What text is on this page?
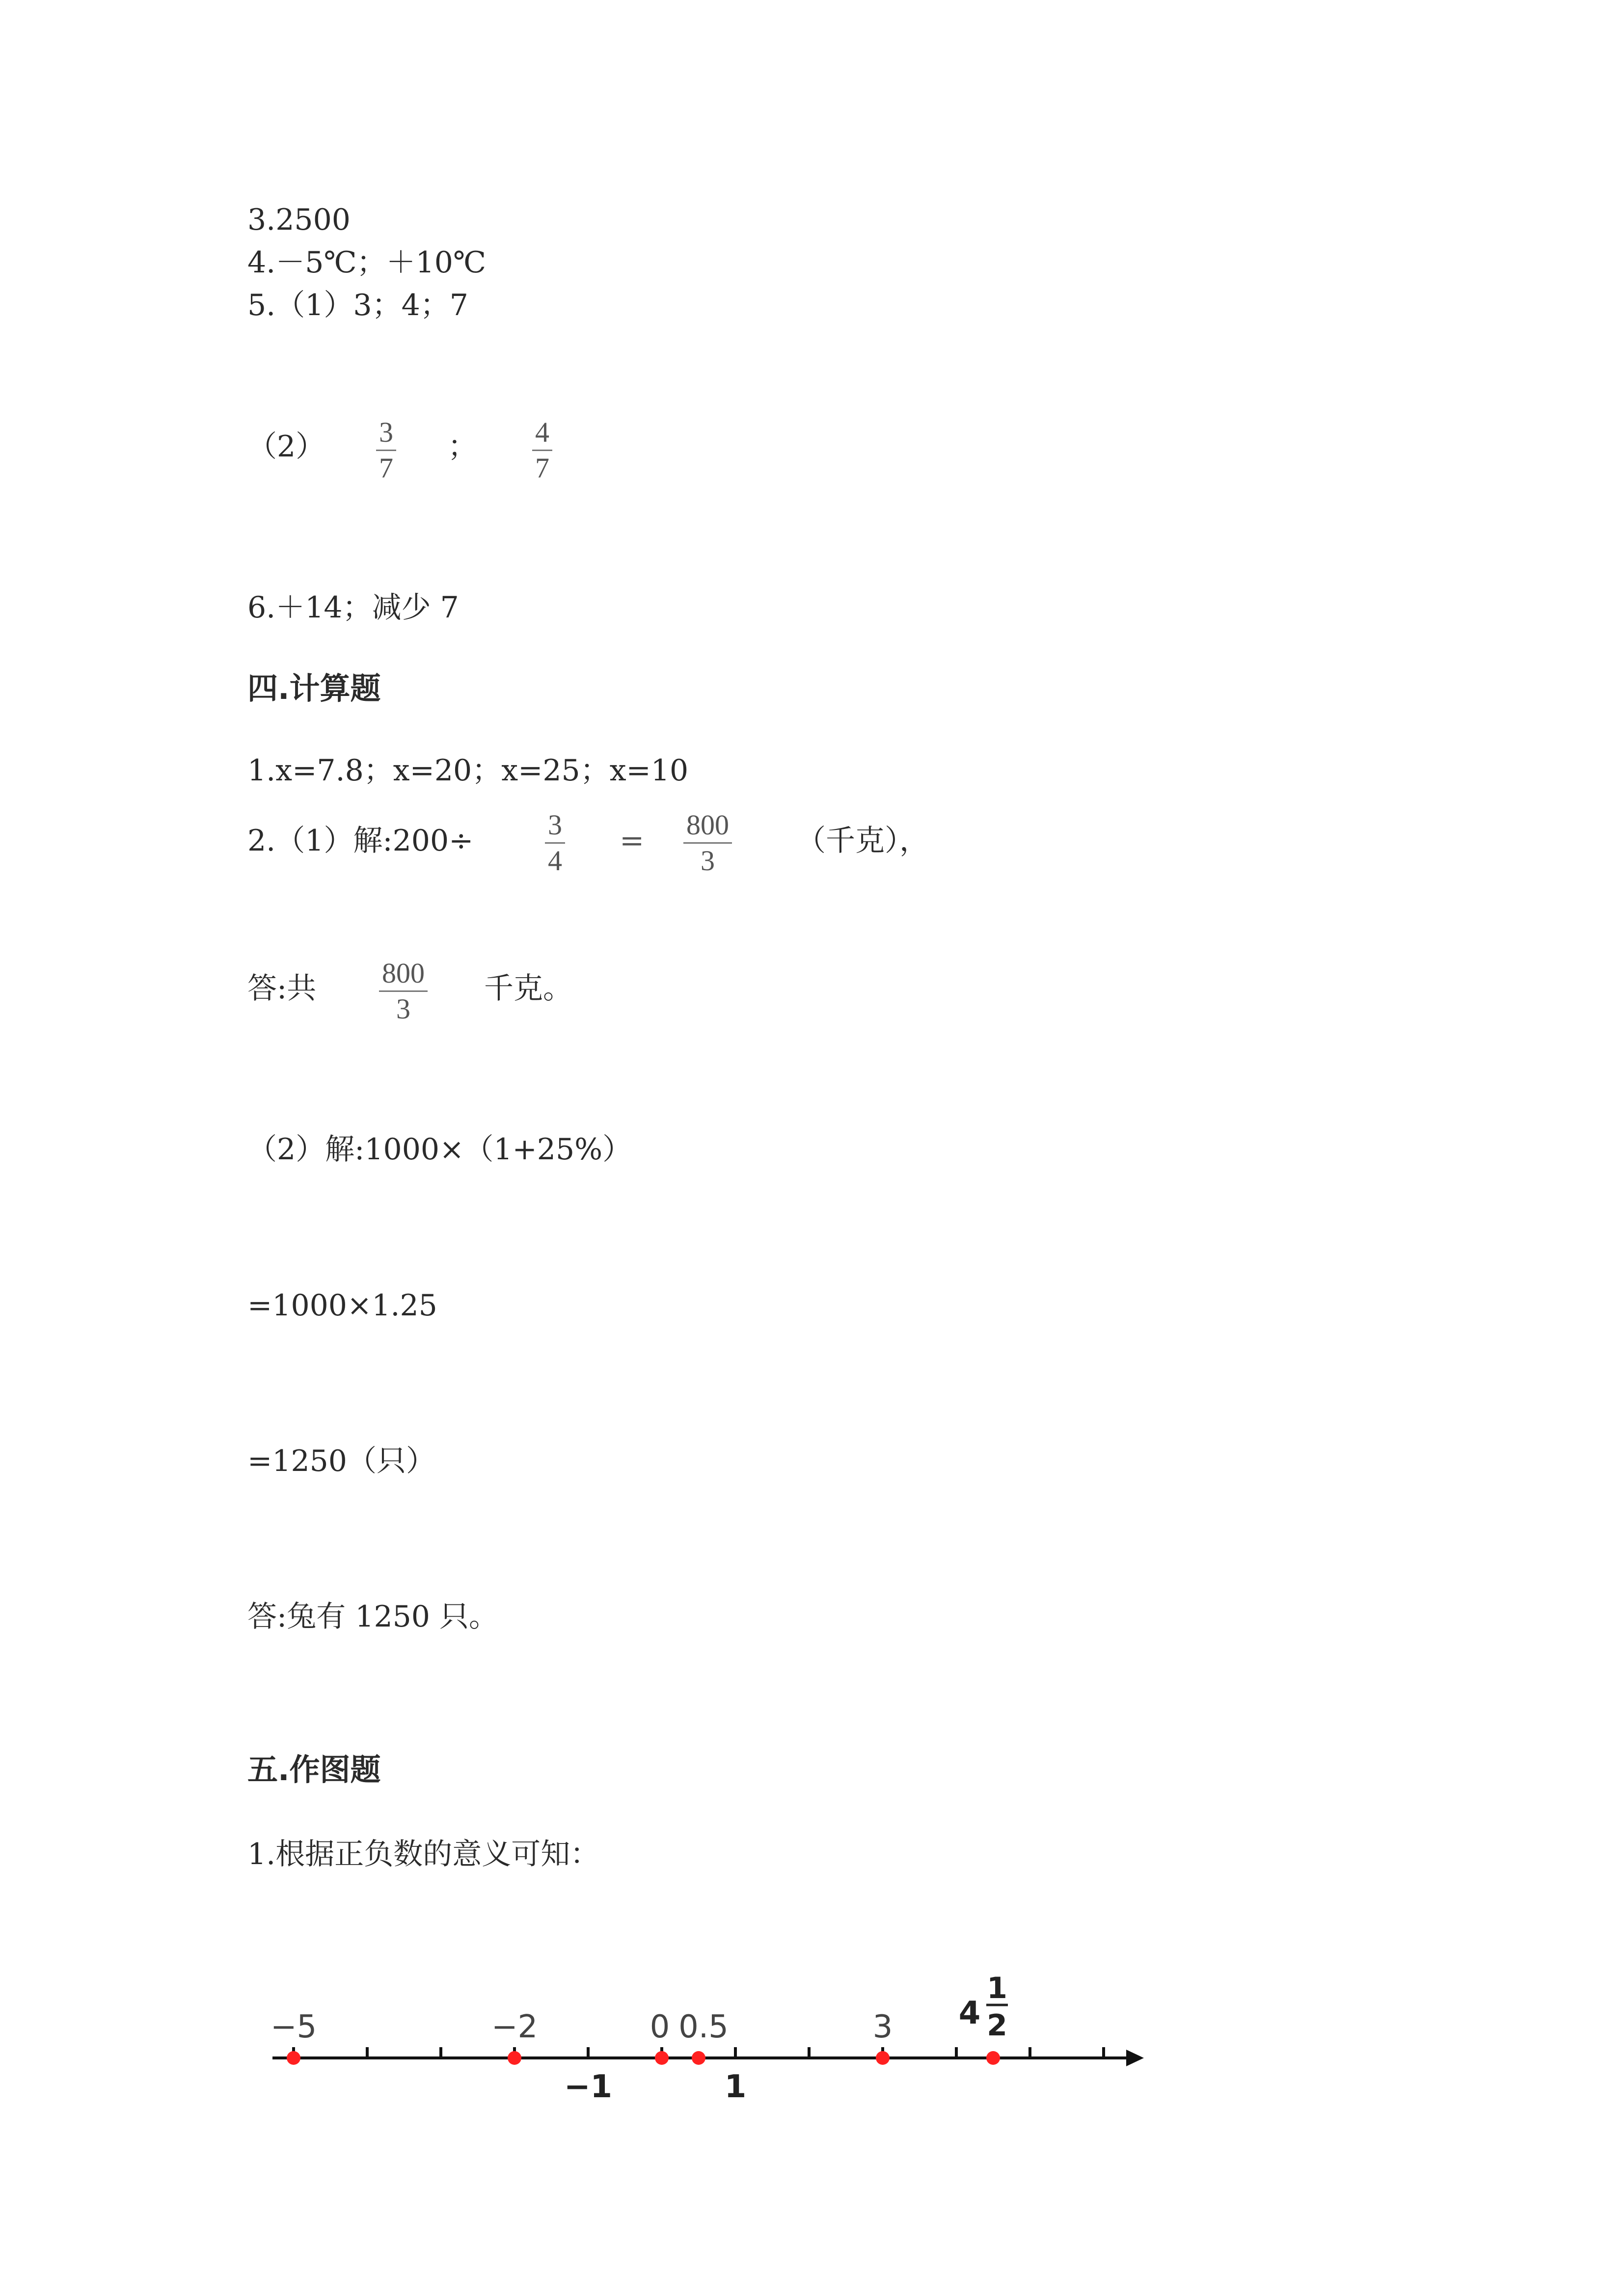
3.2500
4.－5℃；＋10℃
5.（1）3；4；7
（2） 3
7
； 4
7
6.＋14；减少 7
四.计算题
1.x=7.8；x=20；x=25；x=10
2.（1）解:200÷	3
4
= 800
3
（千克），
答:共 800
3
千克。
（2）解:1000×（1+25%）
=1000×1.25
=1250（只）
答:兔有 1250 只。
五.作图题
1.根据正负数的意义可知：
−5	−2	0 0.5	3
−1	1
4
1
2
